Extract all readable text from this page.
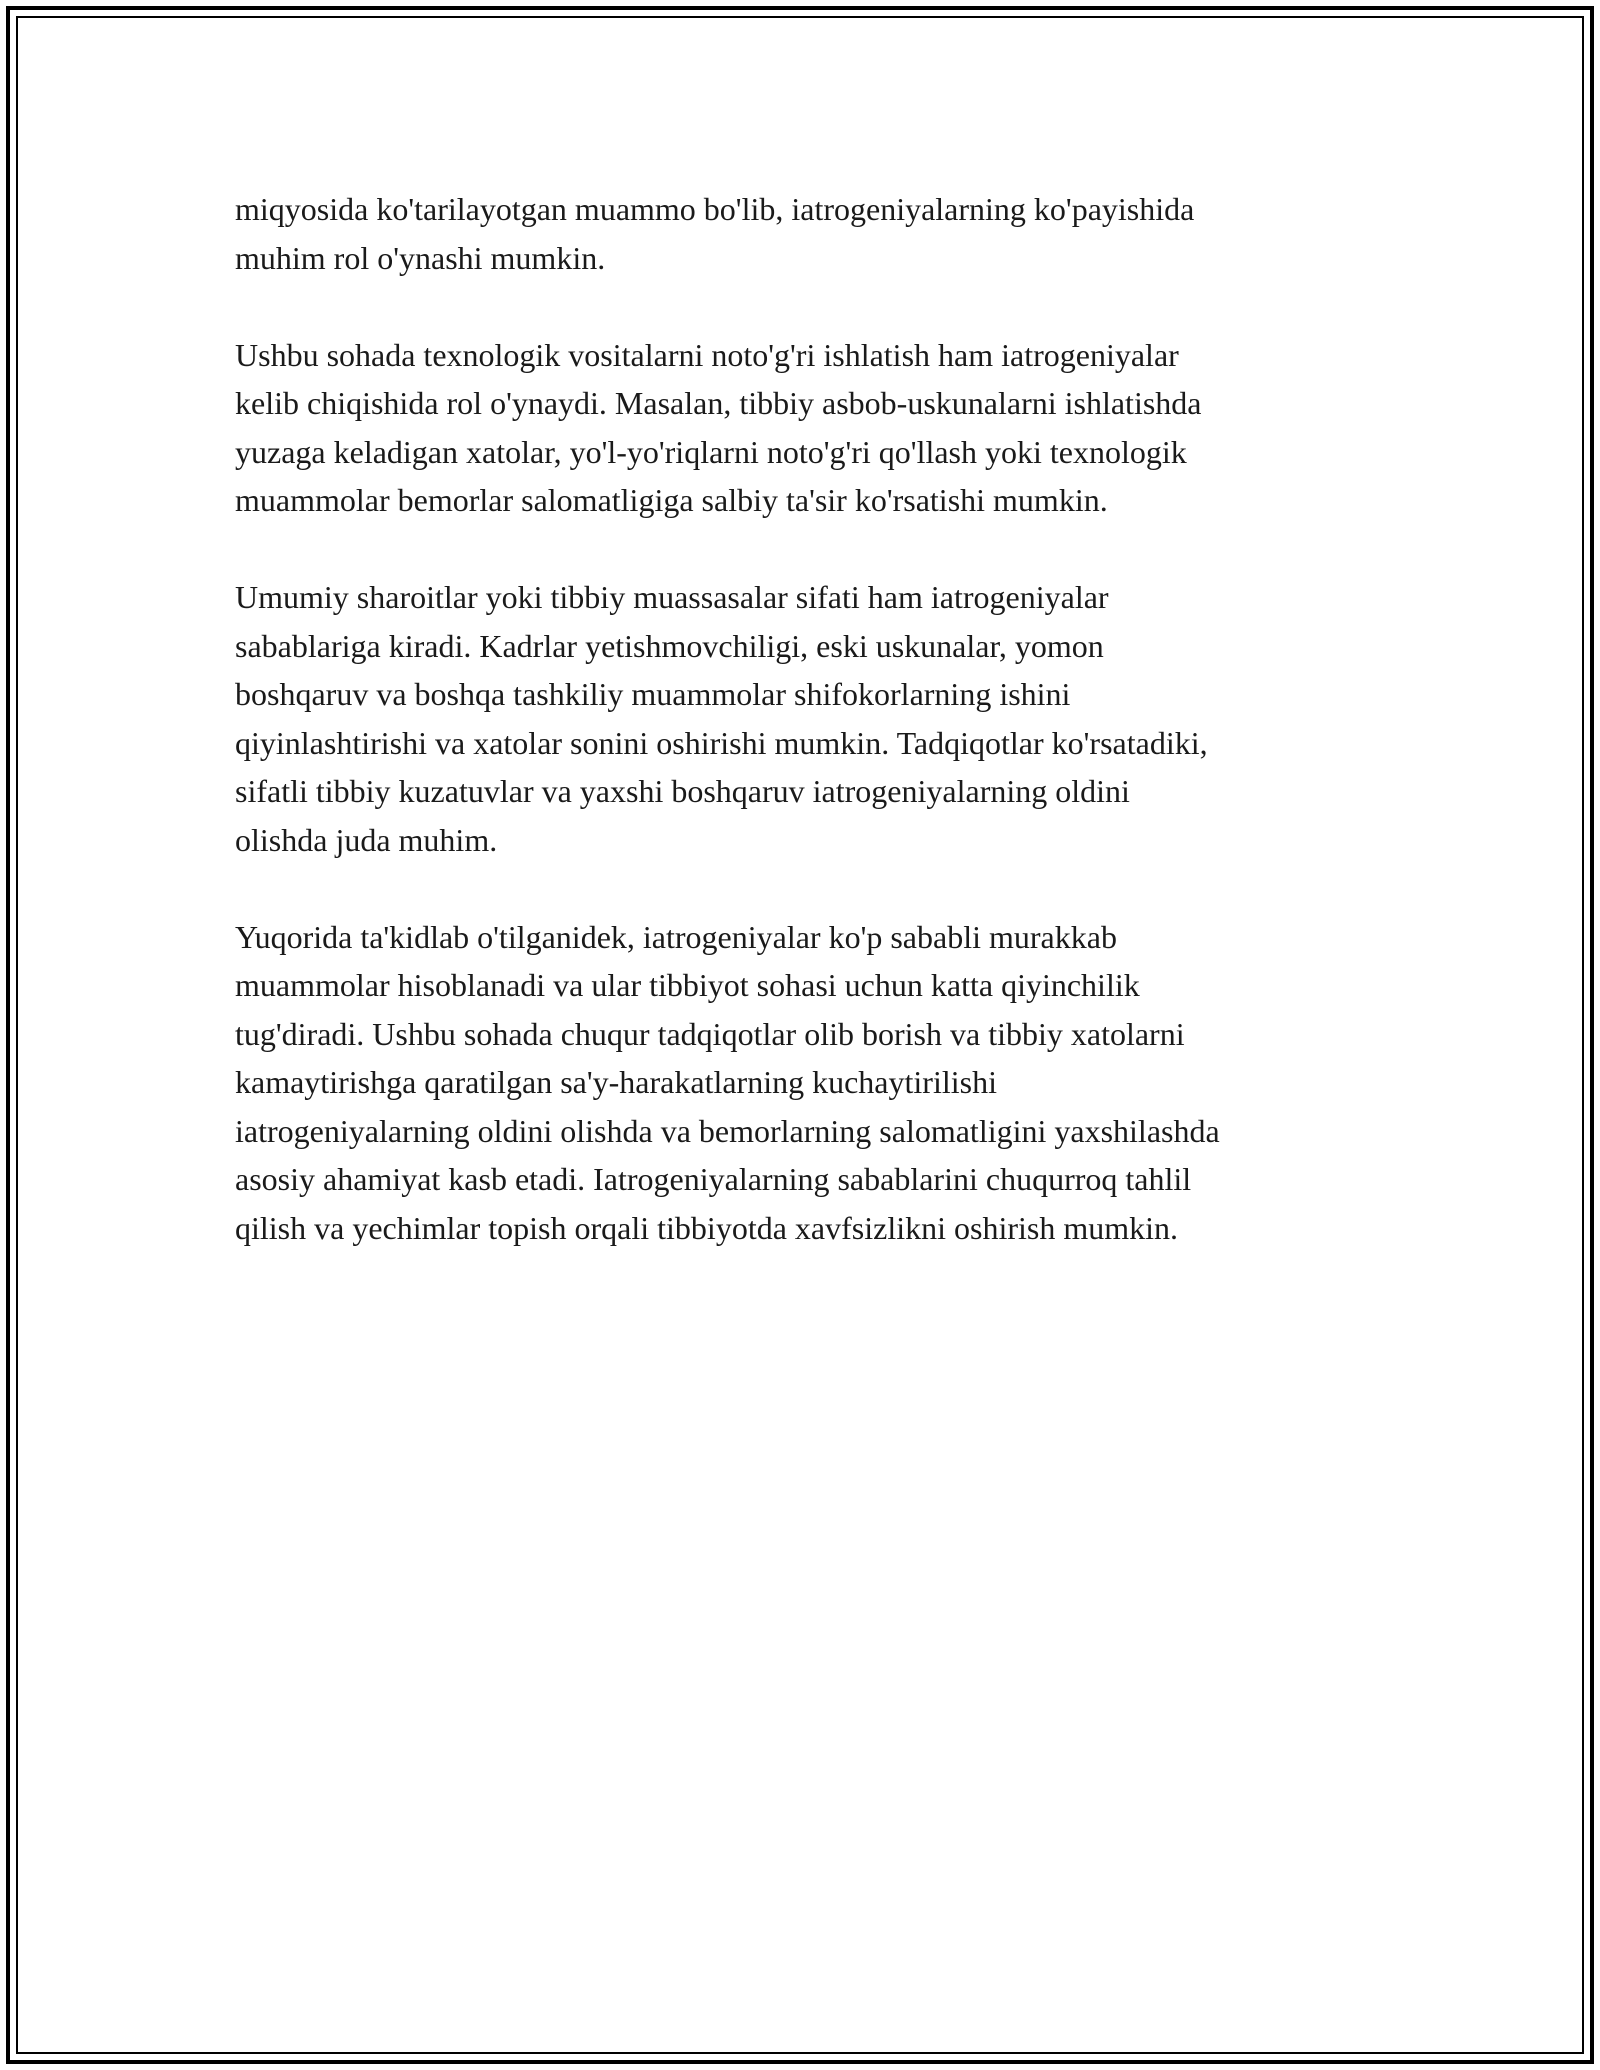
miqyosida ko'tarilayotgan muammo bo'lib, iatrogeniyalarning ko'payishida
muhim rol o'ynashi mumkin.

Ushbu sohada texnologik vositalarni noto'g'ri ishlatish ham iatrogeniyalar
kelib chiqishida rol o'ynaydi. Masalan, tibbiy asbob-uskunalarni ishlatishda
yuzaga keladigan xatolar, yo'l-yo'riqlarni noto'g'ri qo'llash yoki texnologik
muammolar bemorlar salomatligiga salbiy ta'sir ko'rsatishi mumkin.

Umumiy sharoitlar yoki tibbiy muassasalar sifati ham iatrogeniyalar
sabablariga kiradi. Kadrlar yetishmovchiligi, eski uskunalar, yomon
boshqaruv va boshqa tashkiliy muammolar shifokorlarning ishini
qiyinlashtirishi va xatolar sonini oshirishi mumkin. Tadqiqotlar ko'rsatadiki,
sifatli tibbiy kuzatuvlar va yaxshi boshqaruv iatrogeniyalarning oldini
olishda juda muhim.

Yuqorida ta'kidlab o'tilganidek, iatrogeniyalar ko'p sababli murakkab
muammolar hisoblanadi va ular tibbiyot sohasi uchun katta qiyinchilik
tug'diradi. Ushbu sohada chuqur tadqiqotlar olib borish va tibbiy xatolarni
kamaytirishga qaratilgan sa'y-harakatlarning kuchaytirilishi
iatrogeniyalarning oldini olishda va bemorlarning salomatligini yaxshilashda
asosiy ahamiyat kasb etadi. Iatrogeniyalarning sabablarini chuqurroq tahlil
qilish va yechimlar topish orqali tibbiyotda xavfsizlikni oshirish mumkin.
